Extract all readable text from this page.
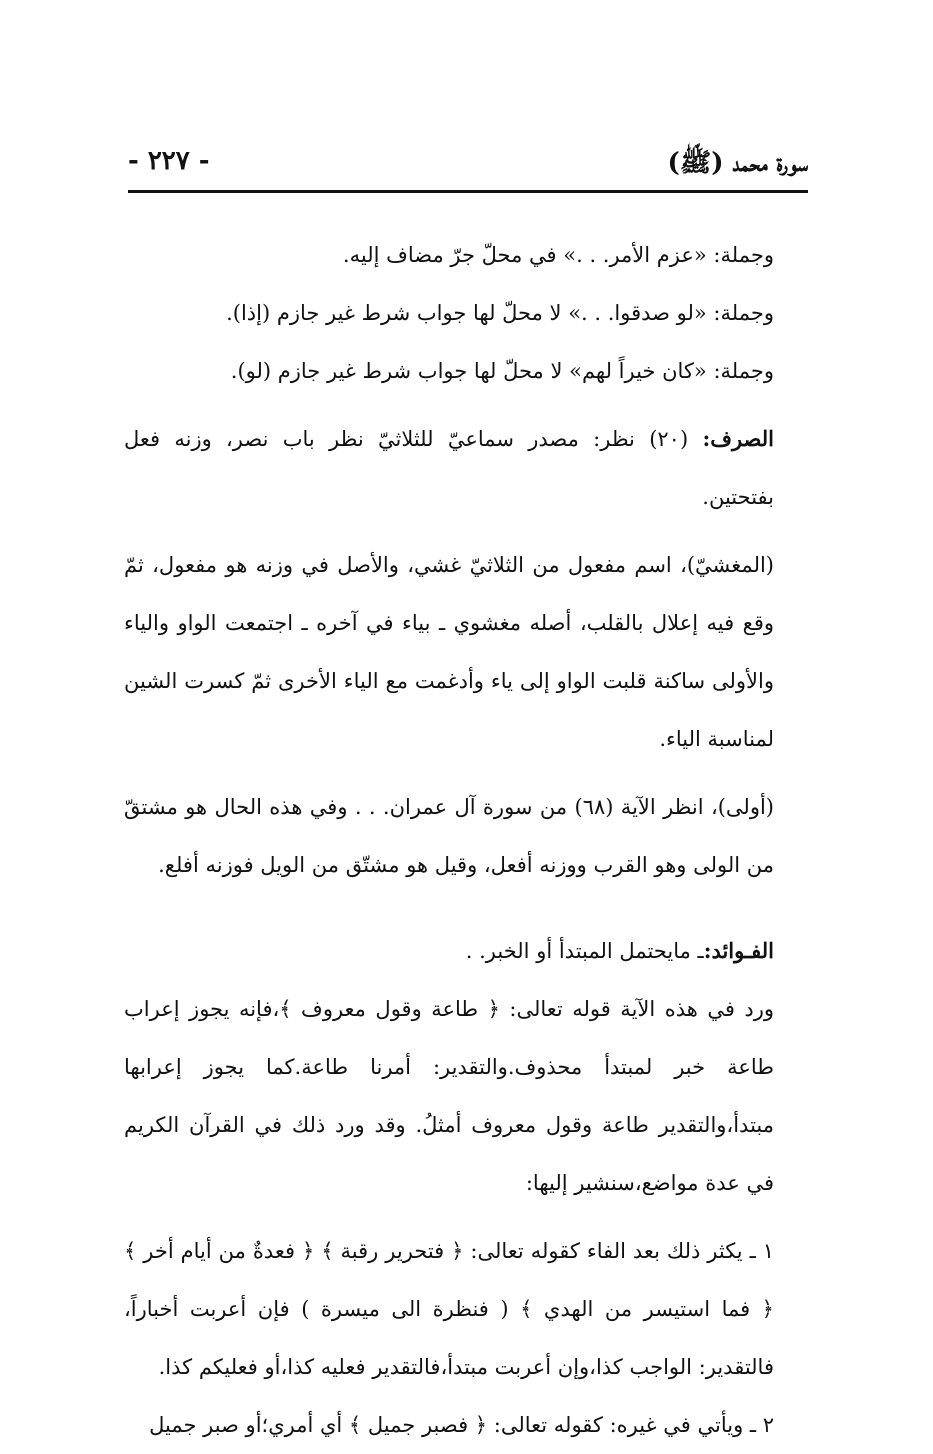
سورة محمد (ﷺ)
- ٢٢٧ -

وجملة: «عزم الأمر. . .» في محلّ جرّ مضاف إليه.

وجملة: «لو صدقوا. . .» لا محلّ لها جواب شرط غير جازم (إذا).

وجملة: «كان خيراً لهم» لا محلّ لها جواب شرط غير جازم (لو).

الصرف: (٢٠) نظر: مصدر سماعيّ للثلاثيّ نظر باب نصر، وزنه فعل بفتحتين.

(المغشيّ)، اسم مفعول من الثلاثيّ غشي، والأصل في وزنه هو مفعول، ثمّ وقع فيه إعلال بالقلب، أصله مغشوي ـ بياء في آخره ـ اجتمعت الواو والياء والأولى ساكنة قلبت الواو إلى ياء وأدغمت مع الياء الأخرى ثمّ كسرت الشين لمناسبة الياء.

(أولى)، انظر الآية (٦٨) من سورة آل عمران. . . وفي هذه الحال هو مشتقّ من الولى وهو القرب ووزنه أفعل، وقيل هو مشتّق من الويل فوزنه أفلع.

الفـوائد:ـ مايحتمل المبتدأ أو الخبر. .

ورد في هذه الآية قوله تعالى: ﴿ طاعة وقول معروف ﴾،فإنه يجوز إعراب طاعة خبر لمبتدأ محذوف.والتقدير: أمرنا طاعة.كما يجوز إعرابها مبتدأ،والتقدير طاعة وقول معروف أمثلُ. وقد ورد ذلك في القرآن الكريم في عدة مواضع،سنشير إليها:

١ ـ يكثر ذلك بعد الفاء كقوله تعالى: ﴿ فتحرير رقبة ﴾ ﴿ فعدةٌ من أيام أخر ﴾ ﴿ فما استيسر من الهدي ﴾ ( فنظرة الى ميسرة ) فإن أعربت أخباراً، فالتقدير: الواجب كذا،وإن أعربت مبتدأ،فالتقدير فعليه كذا،أو فعليكم كذا.

٢ ـ ويأتي في غيره: كقوله تعالى: ﴿ فصبر جميل ﴾ أي أمري؛أو صبر جميل
